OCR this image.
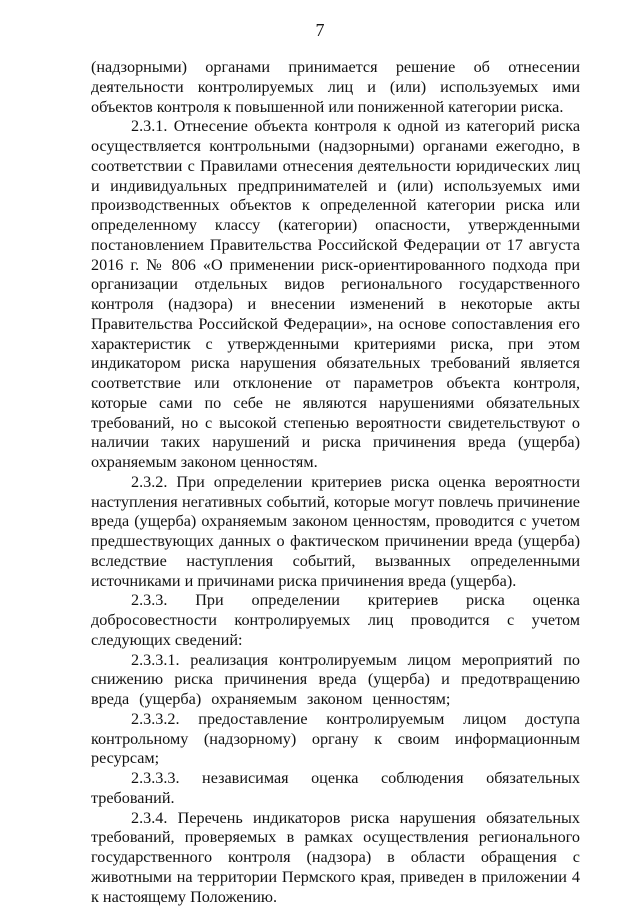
7

(надзорными) органами принимается решение об отнесении деятельности контролируемых лиц и (или) используемых ими объектов контроля к повышенной или пониженной категории риска.

2.3.1. Отнесение объекта контроля к одной из категорий риска осуществляется контрольными (надзорными) органами ежегодно, в соответствии с Правилами отнесения деятельности юридических лиц и индивидуальных предпринимателей и (или) используемых ими производственных объектов к определенной категории риска или определенному классу (категории) опасности, утвержденными постановлением Правительства Российской Федерации от 17 августа 2016 г. № 806 «О применении риск-ориентированного подхода при организации отдельных видов регионального государственного контроля (надзора) и внесении изменений в некоторые акты Правительства Российской Федерации», на основе сопоставления его характеристик с утвержденными критериями риска, при этом индикатором риска нарушения обязательных требований является соответствие или отклонение от параметров объекта контроля, которые сами по себе не являются нарушениями обязательных требований, но с высокой степенью вероятности свидетельствуют о наличии таких нарушений и риска причинения вреда (ущерба) охраняемым законом ценностям.

2.3.2. При определении критериев риска оценка вероятности наступления негативных событий, которые могут повлечь причинение вреда (ущерба) охраняемым законом ценностям, проводится с учетом предшествующих данных о фактическом причинении вреда (ущерба) вследствие наступления событий, вызванных определенными источниками и причинами риска причинения вреда (ущерба).

2.3.3. При определении критериев риска оценка добросовестности контролируемых лиц проводится с учетом следующих сведений:

2.3.3.1. реализация контролируемым лицом мероприятий по снижению риска причинения вреда (ущерба) и предотвращению вреда (ущерба) охраняемым законом ценностям;

2.3.3.2. предоставление контролируемым лицом доступа контрольному (надзорному) органу к своим информационным ресурсам;

2.3.3.3. независимая оценка соблюдения обязательных требований.

2.3.4. Перечень индикаторов риска нарушения обязательных требований, проверяемых в рамках осуществления регионального государственного контроля (надзора) в области обращения с животными на территории Пермского края, приведен в приложении 4 к настоящему Положению.
